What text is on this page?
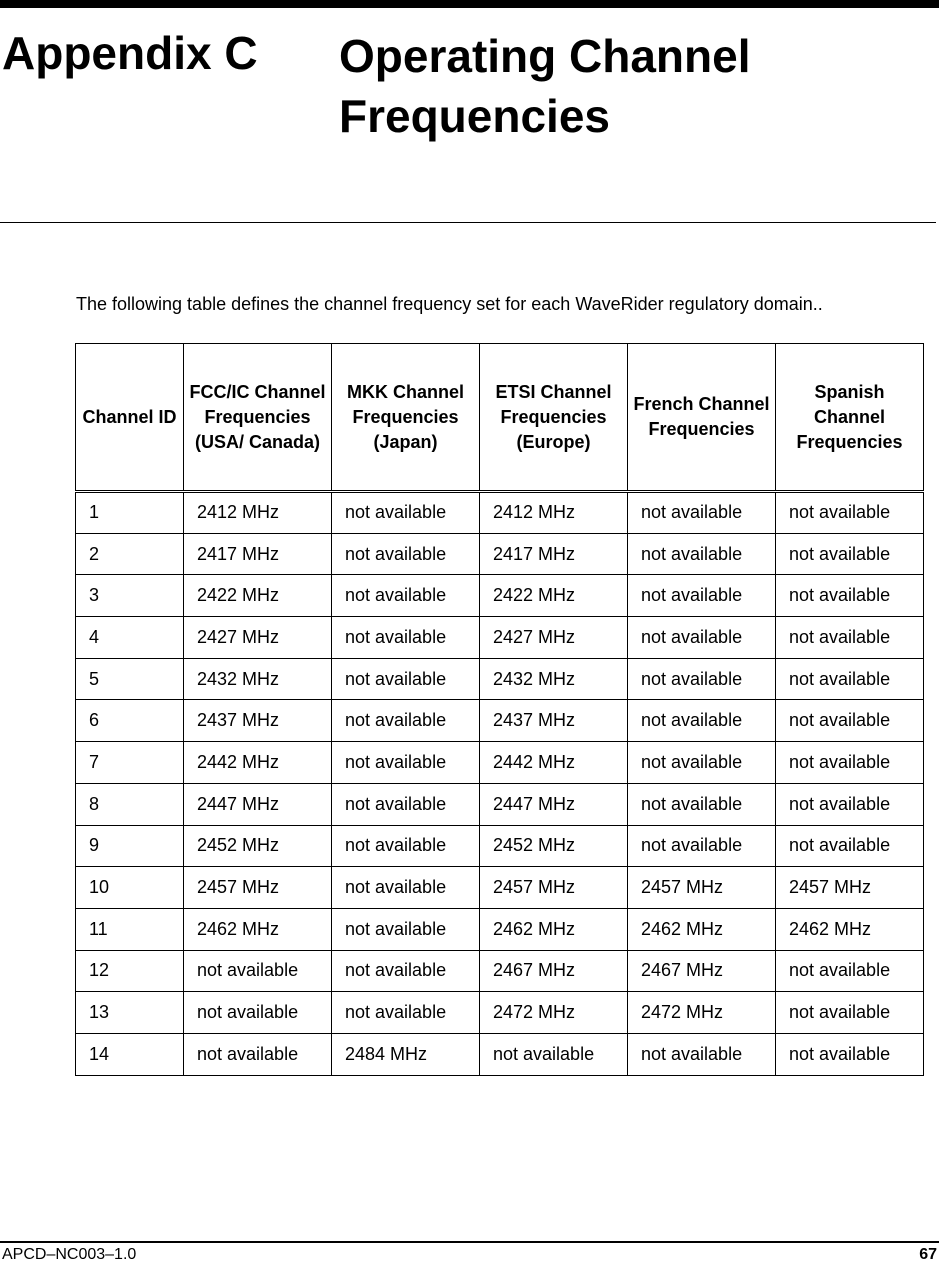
Appendix C Operating Channel Frequencies

The following table defines the channel frequency set for each WaveRider regulatory domain..

Channel ID	FCC/IC Channel Frequencies (USA/ Canada)	MKK Channel Frequencies (Japan)	ETSI Channel Frequencies (Europe)	French Channel Frequencies	Spanish Channel Frequencies
1	2412 MHz	not available	2412 MHz	not available	not available
2	2417 MHz	not available	2417 MHz	not available	not available
3	2422 MHz	not available	2422 MHz	not available	not available
4	2427 MHz	not available	2427 MHz	not available	not available
5	2432 MHz	not available	2432 MHz	not available	not available
6	2437 MHz	not available	2437 MHz	not available	not available
7	2442 MHz	not available	2442 MHz	not available	not available
8	2447 MHz	not available	2447 MHz	not available	not available
9	2452 MHz	not available	2452 MHz	not available	not available
10	2457 MHz	not available	2457 MHz	2457 MHz	2457 MHz
11	2462 MHz	not available	2462 MHz	2462 MHz	2462 MHz
12	not available	not available	2467 MHz	2467 MHz	not available
13	not available	not available	2472 MHz	2472 MHz	not available
14	not available	2484 MHz	not available	not available	not available
APCD–NC003–1.0	67
